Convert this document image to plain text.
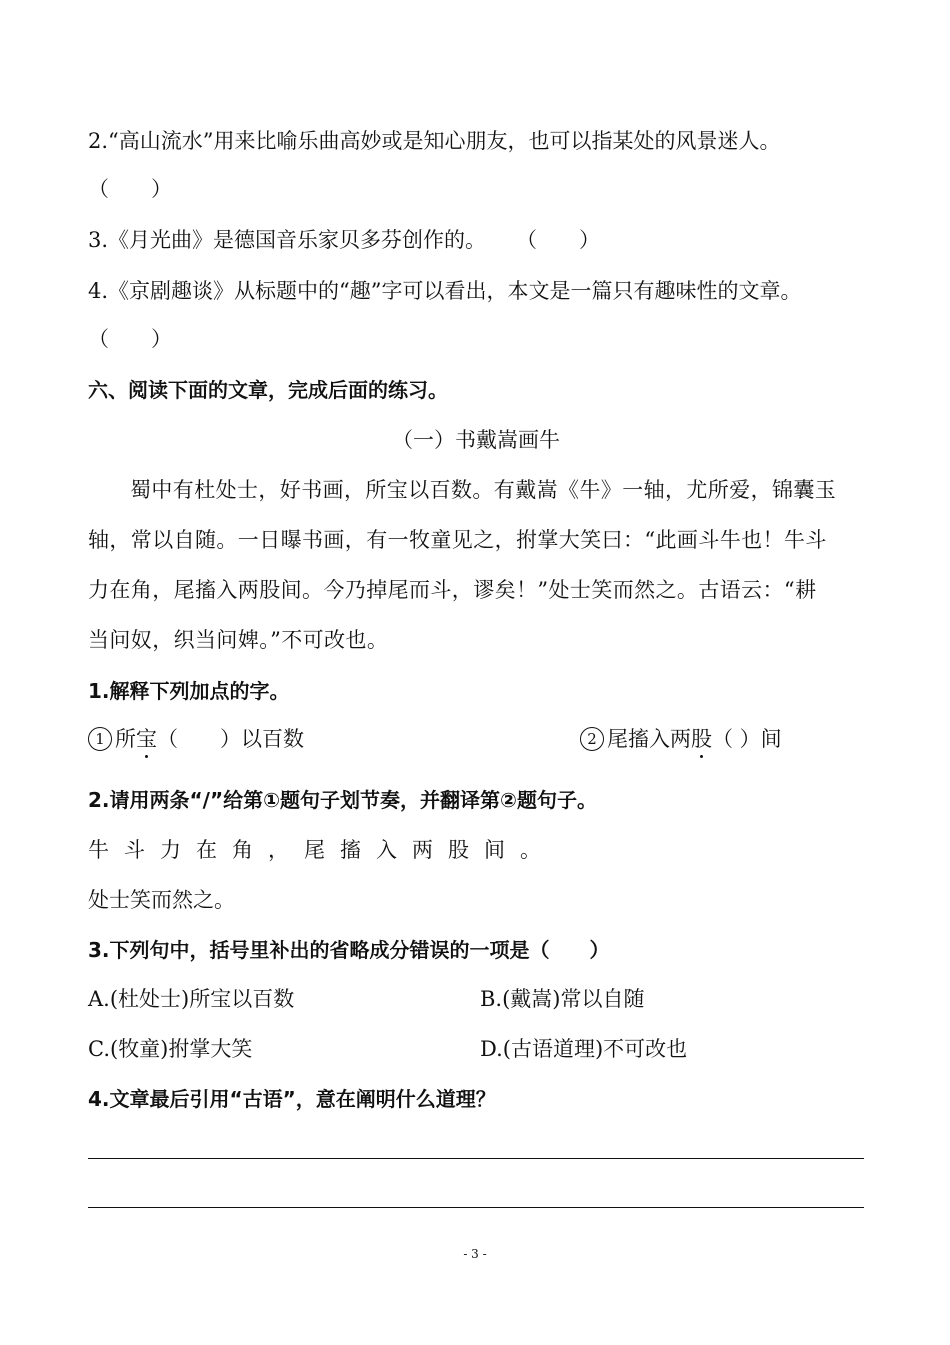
2.“高山流水”用来比喻乐曲高妙或是知心朋友，也可以指某处的风景迷人。
（　　）
3.《月光曲》是德国音乐家贝多芬创作的。 （　　）
4.《京剧趣谈》从标题中的“趣”字可以看出，本文是一篇只有趣味性的文章。
（　　）
六、阅读下面的文章，完成后面的练习。
（一）书戴嵩画牛
蜀中有杜处士，好书画，所宝以百数。有戴嵩《牛》一轴，尤所爱，锦囊玉
轴，常以自随。一日曝书画，有一牧童见之，拊掌大笑曰：“此画斗牛也！牛斗
力在角，尾搐入两股间。今乃掉尾而斗，谬矣！”处士笑而然之。古语云：“耕
当问奴，织当问婢。”不可改也。
1.解释下列加点的字。
1 所宝（　　）以百数	2 尾搐入两股（ ）间
2.请用两条“/”给第①题句子划节奏，并翻译第②题句子。
牛斗力在角，尾搐入两股间。
处士笑而然之。
3.下列句中，括号里补出的省略成分错误的一项是（　　）
A.(杜处士)所宝以百数	B.(戴嵩)常以自随
C.(牧童)拊掌大笑	D.(古语道理)不可改也
4.文章最后引用“古语”，意在阐明什么道理？
- 3 -
